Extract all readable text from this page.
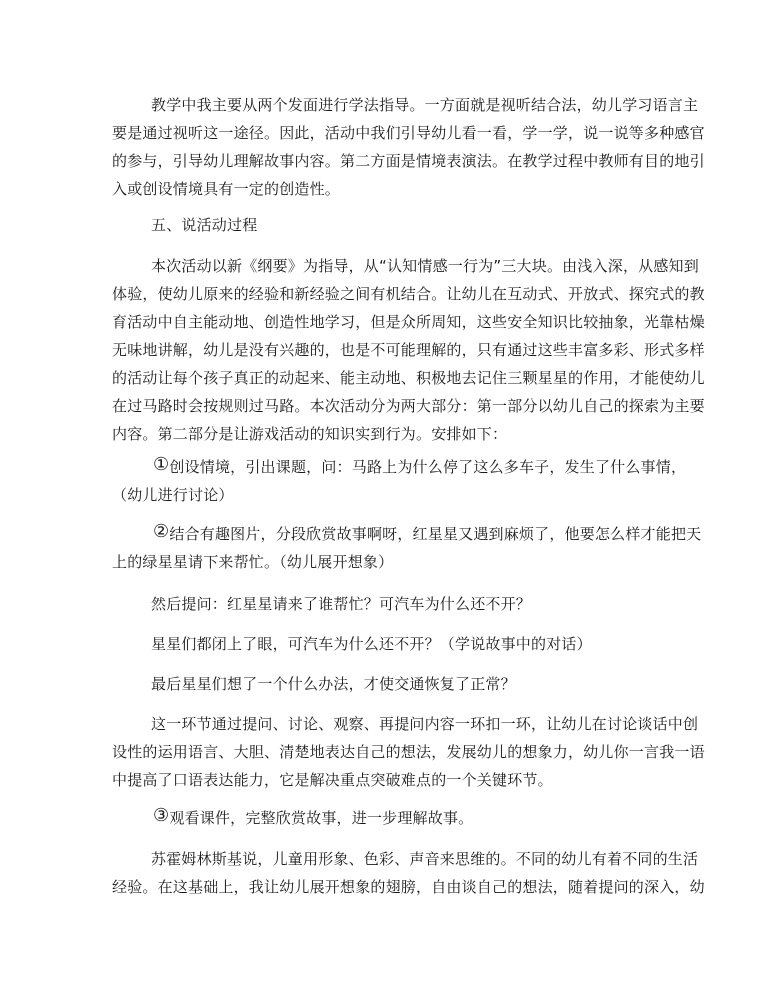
教学中我主要从两个发面进行学法指导。一方面就是视听结合法，幼儿学习语言主
要是通过视听这一途径。因此，活动中我们引导幼儿看一看，学一学，说一说等多种感官
的参与，引导幼儿理解故事内容。第二方面是情境表演法。在教学过程中教师有目的地引
入或创设情境具有一定的创造性。
五、说活动过程
本次活动以新《纲要》为指导，从“认知情感一行为”三大块。由浅入深，从感知到
体验，使幼儿原来的经验和新经验之间有机结合。让幼儿在互动式、开放式、探究式的教
育活动中自主能动地、创造性地学习，但是众所周知，这些安全知识比较抽象，光靠枯燥
无味地讲解，幼儿是没有兴趣的，也是不可能理解的，只有通过这些丰富多彩、形式多样
的活动让每个孩子真正的动起来、能主动地、积极地去记住三颗星星的作用，才能使幼儿
在过马路时会按规则过马路。本次活动分为两大部分：第一部分以幼儿自己的探索为主要
内容。第二部分是让游戏活动的知识实到行为。安排如下：
①创设情境，引出课题，问：马路上为什么停了这么多车子，发生了什么事情，
（幼儿进行讨论）
②结合有趣图片，分段欣赏故事啊呀，红星星又遇到麻烦了，他要怎么样才能把天
上的绿星星请下来帮忙。（幼儿展开想象）
然后提问：红星星请来了谁帮忙？可汽车为什么还不开？
星星们都闭上了眼，可汽车为什么还不开？（学说故事中的对话）
最后星星们想了一个什么办法，才使交通恢复了正常？
这一环节通过提问、讨论、观察、再提问内容一环扣一环，让幼儿在讨论谈话中创
设性的运用语言、大胆、清楚地表达自己的想法，发展幼儿的想象力，幼儿你一言我一语
中提高了口语表达能力，它是解决重点突破难点的一个关键环节。
③观看课件，完整欣赏故事，进一步理解故事。
苏霍姆林斯基说，儿童用形象、色彩、声音来思维的。不同的幼儿有着不同的生活
经验。在这基础上，我让幼儿展开想象的翅膀，自由谈自己的想法，随着提问的深入，幼
